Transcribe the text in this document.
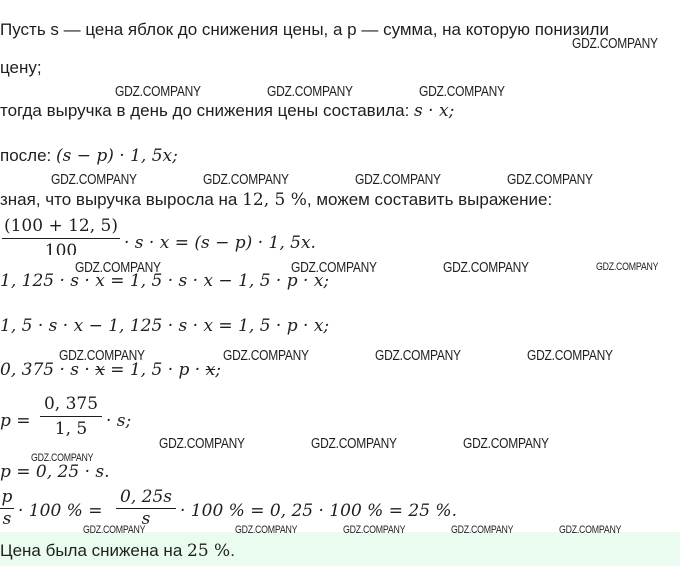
Пусть s — цена яблок до снижения цены, а p — сумма, на которую понизили
цену;
тогда выручка в день до снижения цены составила: s · x;
после: (s − p) · 1, 5x;
зная, что выручка выросла на 12, 5 %, можем составить выражение:
(100 + 12, 5)
100	· s · x = (s − p) · 1, 5x.
1, 125 · s · x = 1, 5 · s · x − 1, 5 · p · x;
1, 5 · s · x − 1, 125 · s · x = 1, 5 · p · x;
0, 375 · s · x = 1, 5 · p · x;
p =
0, 375
1, 5	· s;
p = 0, 25 · s.
p
s · 100 % =
0, 25s
s	· 100 % = 0, 25 · 100 % = 25 %.
Цена была снижена на 25 %.
GDZ.COMPANY
GDZ.COMPANY	GDZ.COMPANY	GDZ.COMPANY
GDZ.COMPANY	GDZ.COMPANY	GDZ.COMPANY	GDZ.COMPANY
GDZ.COMPANY	GDZ.COMPANY	GDZ.COMPANY	GDZ.COMPANY
GDZ.COMPANY	GDZ.COMPANY	GDZ.COMPANY	GDZ.COMPANY
GDZ.COMPANY	GDZ.COMPANY	GDZ.COMPANY
GDZ.COMPANY
GDZ.COMPANY	GDZ.COMPANY	GDZ.COMPANY	GDZ.COMPANY	GDZ.COMPANY
